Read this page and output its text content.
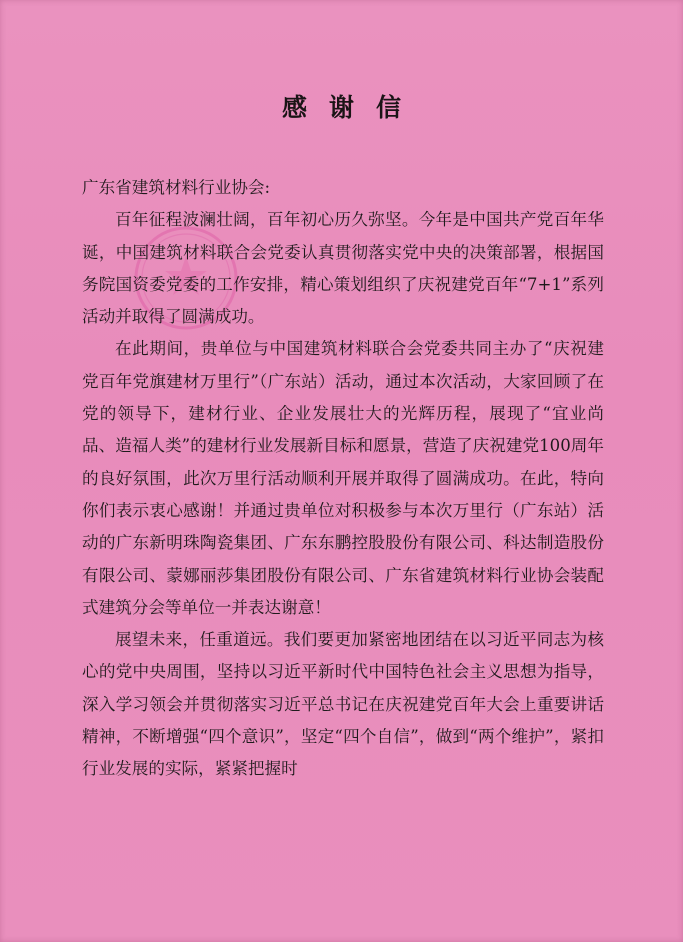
感谢信

广东省建筑材料行业协会:

百年征程波澜壮阔，百年初心历久弥坚。今年是中国共产党百年华诞，中国建筑材料联合会党委认真贯彻落实党中央的决策部署，根据国务院国资委党委的工作安排，精心策划组织了庆祝建党百年“7+1”系列活动并取得了圆满成功。

在此期间，贵单位与中国建筑材料联合会党委共同主办了“庆祝建党百年党旗建材万里行”（广东站）活动，通过本次活动，大家回顾了在党的领导下，建材行业、企业发展壮大的光辉历程，展现了“宜业尚品、造福人类”的建材行业发展新目标和愿景，营造了庆祝建党100周年的良好氛围，此次万里行活动顺利开展并取得了圆满成功。在此，特向你们表示衷心感谢！并通过贵单位对积极参与本次万里行（广东站）活动的广东新明珠陶瓷集团、广东东鹏控股股份有限公司、科达制造股份有限公司、蒙娜丽莎集团股份有限公司、广东省建筑材料行业协会装配式建筑分会等单位一并表达谢意！

展望未来，任重道远。我们要更加紧密地团结在以习近平同志为核心的党中央周围，坚持以习近平新时代中国特色社会主义思想为指导，深入学习领会并贯彻落实习近平总书记在庆祝建党百年大会上重要讲话精神，不断增强“四个意识”，坚定“四个自信”，做到“两个维护”，紧扣行业发展的实际，紧紧把握时
